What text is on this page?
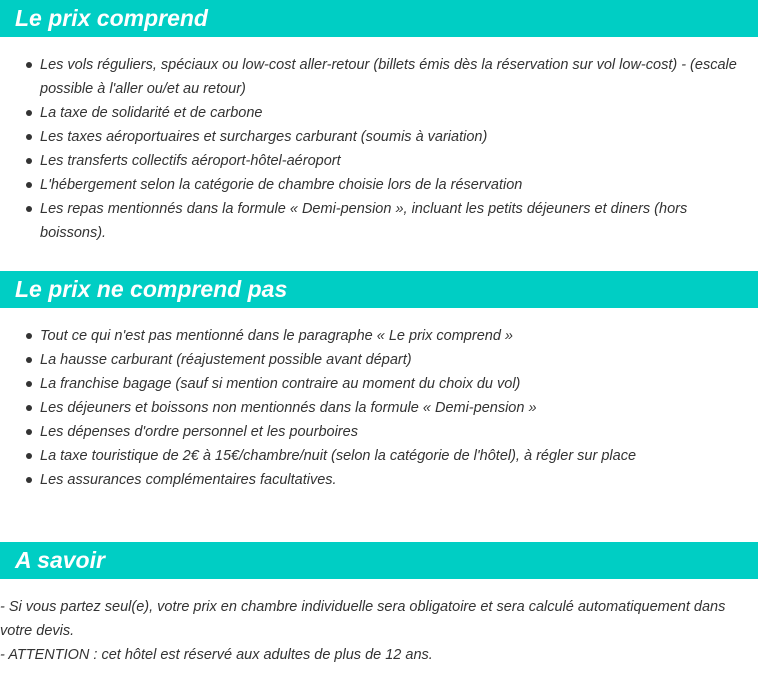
Le prix comprend
Les vols réguliers, spéciaux ou low-cost aller-retour (billets émis dès la réservation sur vol low-cost) - (escale possible à l'aller ou/et au retour)
La taxe de solidarité et de carbone
Les taxes aéroportuaires et surcharges carburant (soumis à variation)
Les transferts collectifs aéroport-hôtel-aéroport
L'hébergement selon la catégorie de chambre choisie lors de la réservation
Les repas mentionnés dans la formule « Demi-pension », incluant les petits déjeuners et diners (hors boissons).
Le prix ne comprend pas
Tout ce qui n'est pas mentionné dans le paragraphe « Le prix comprend »
La hausse carburant (réajustement possible avant départ)
La franchise bagage (sauf si mention contraire au moment du choix du vol)
Les déjeuners et boissons non mentionnés dans la formule « Demi-pension »
Les dépenses d'ordre personnel et les pourboires
La taxe touristique de 2€ à 15€/chambre/nuit (selon la catégorie de l'hôtel), à régler sur place
Les assurances complémentaires facultatives.
A savoir

- Si vous partez seul(e), votre prix en chambre individuelle sera obligatoire et sera calculé automatiquement dans votre devis.

- ATTENTION : cet hôtel est réservé aux adultes de plus de 12 ans.
